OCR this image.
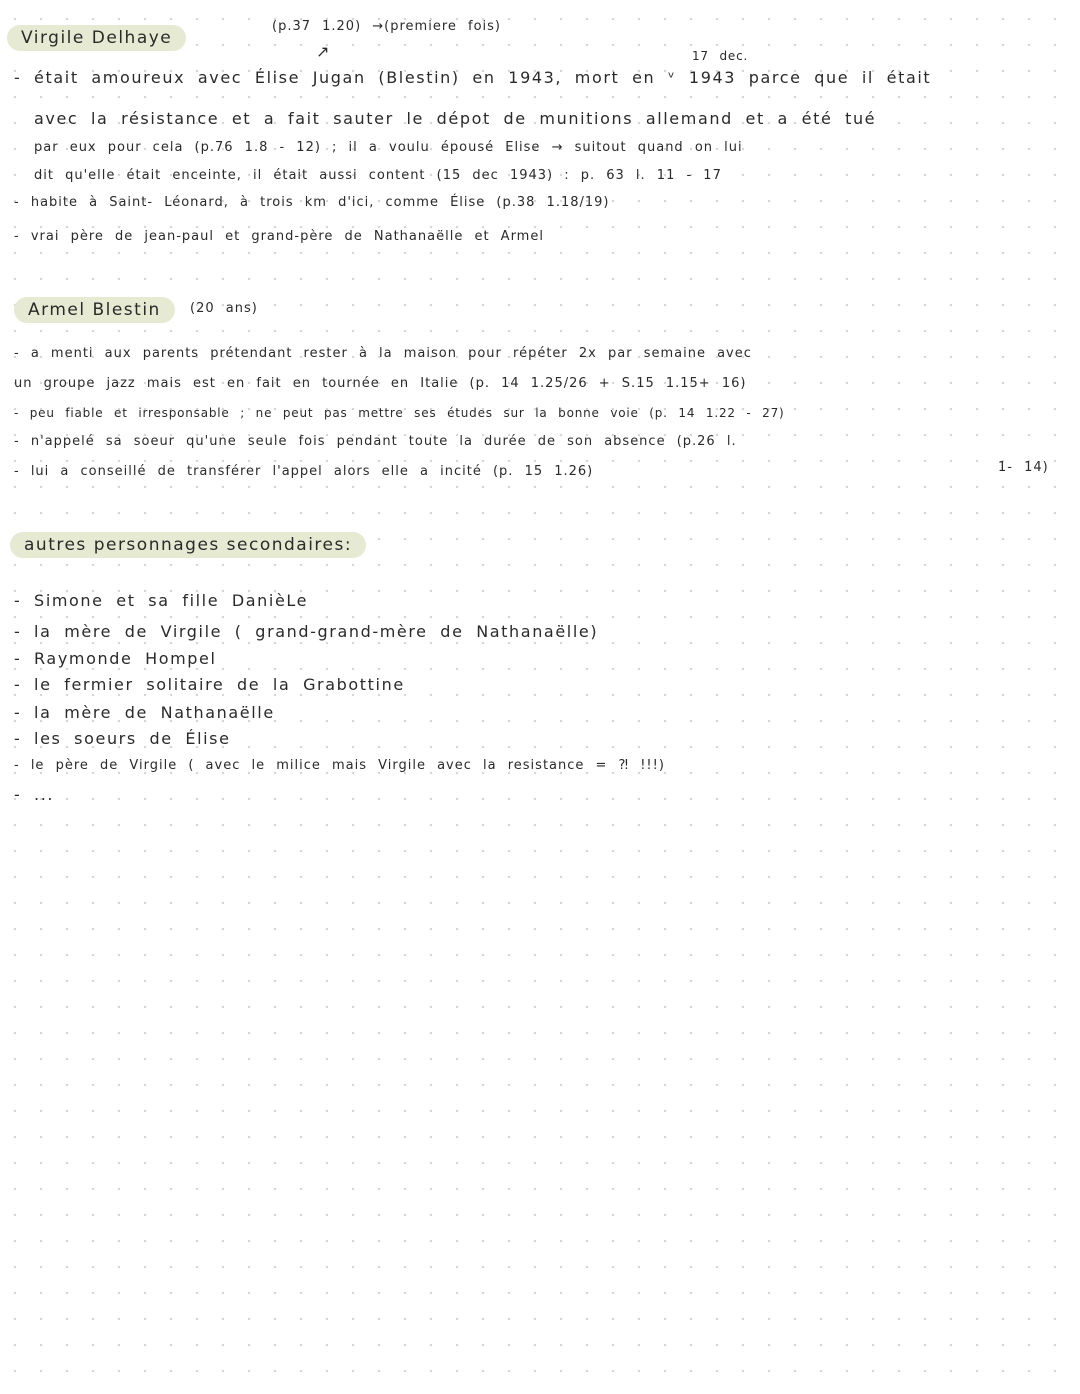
Virgile Delhaye
(p.37 1.20) →(premiere fois)
↗	17 dec.
- était amoureux avec Élise Jugan (Blestin) en 1943, mort en ᵛ 1943 parce que il était
avec la résistance et a fait sauter le dépot de munitions allemand et a été tué
par eux pour cela (p.76 1.8 - 12) ; il a voulu épousé Elise → suitout quand on lui
dit qu'elle était enceinte, il était aussi content (15 dec 1943) : p. 63 l. 11 - 17
- habite à Saint- Léonard, à trois km d'ici, comme Élise (p.38 1.18/19)
- vrai père de jean-paul et grand-père de Nathanaëlle et Armel
Armel Blestin	(20 ans)
- a menti aux parents prétendant rester à la maison pour répéter 2x par semaine avec
un groupe jazz mais est en fait en tournée en Italie (p. 14 1.25/26 + S.15 1.15+ 16)
- peu fiable et irresponsable ; ne peut pas mettre ses études sur la bonne voie (p. 14 1.22 - 27)
- n'appelé sa soeur qu'une seule fois pendant toute la durée de son absence (p.26 l.
1- 14)
- lui a conseillé de transférer l'appel alors elle a incité (p. 15 1.26)
autres personnages secondaires:
- Simone et sa fille DanièLe
- la mère de Virgile ( grand-grand-mère de Nathanaëlle)
- Raymonde Hompel
- le fermier solitaire de la Grabottine
- la mère de Nathanaëlle
- les soeurs de Élise
- le père de Virgile ( avec le milice mais Virgile avec la resistance = ⁈ !!!)
- ...
